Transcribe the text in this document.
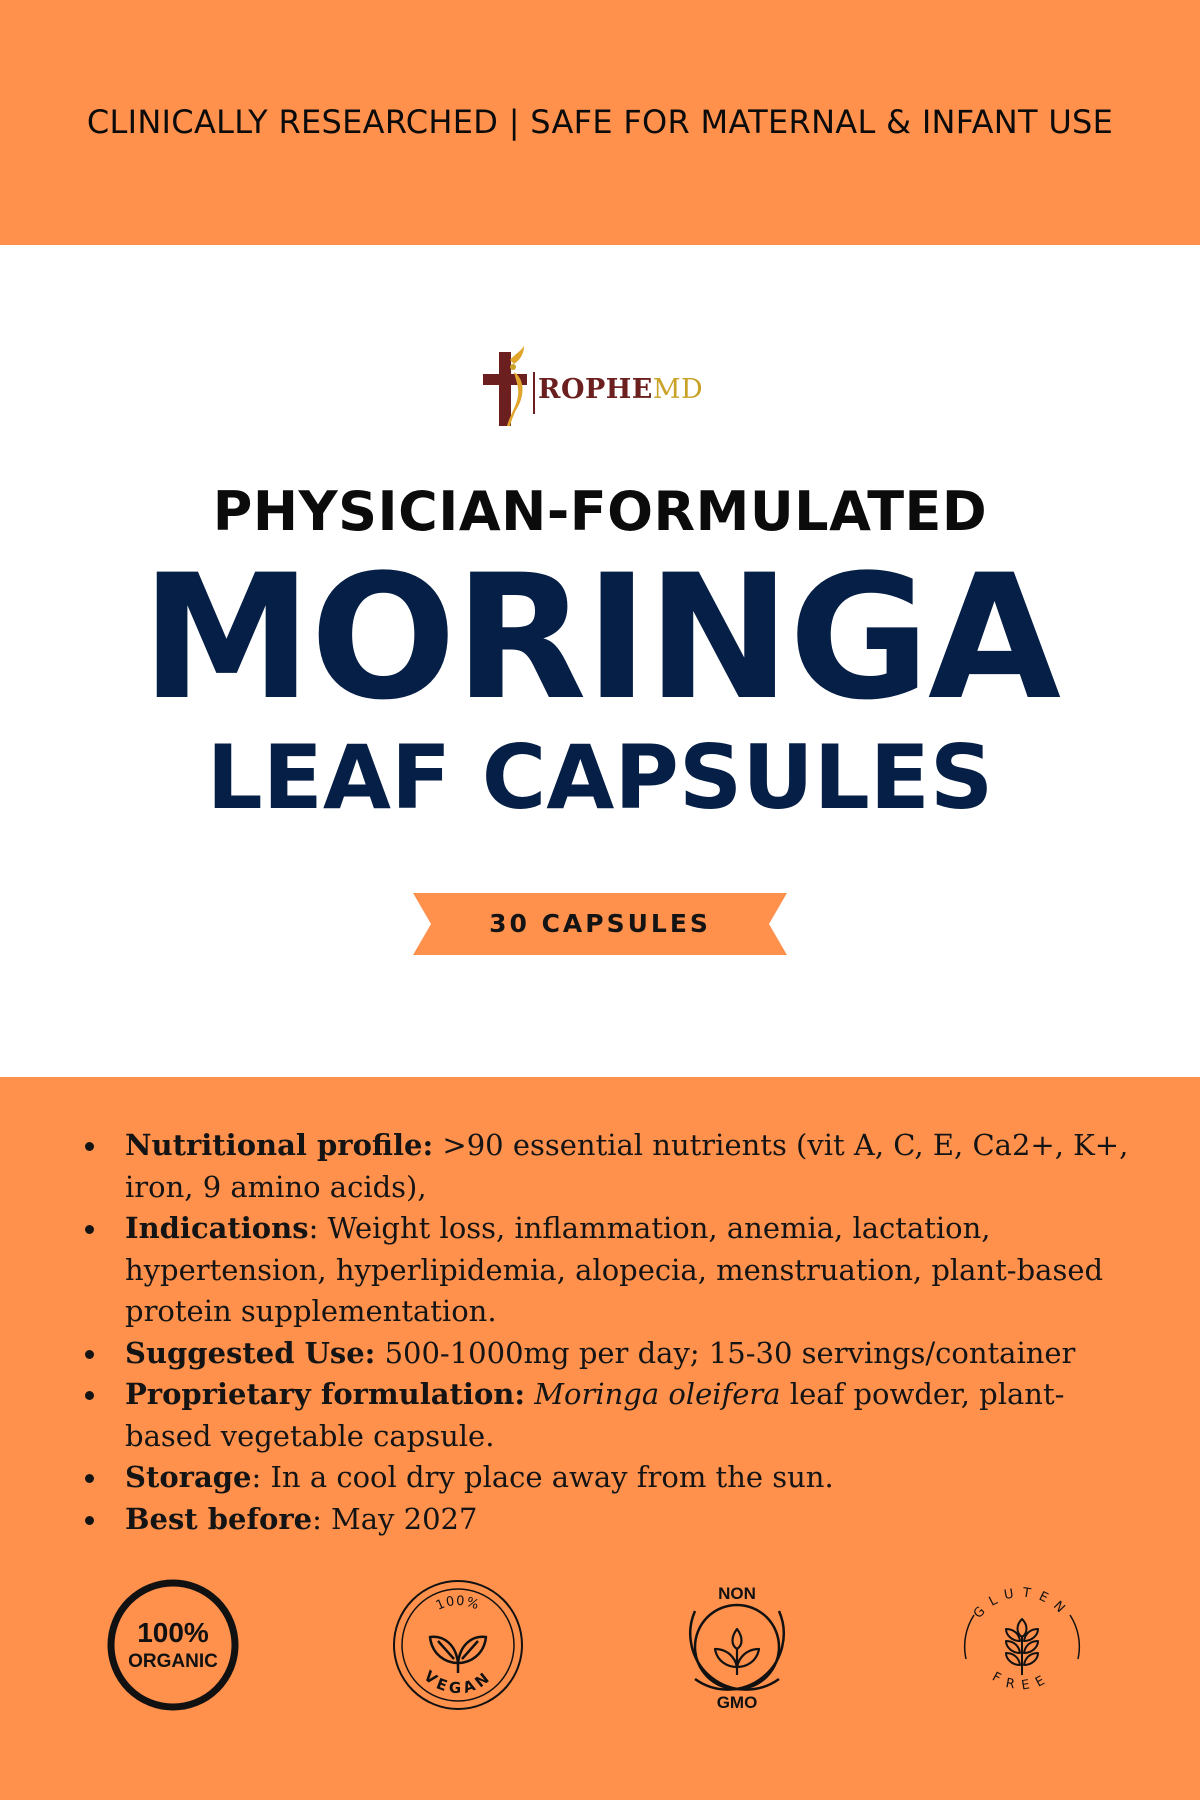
CLINICALLY RESEARCHED | SAFE FOR MATERNAL & INFANT USE
ROPHEMD
PHYSICIAN-FORMULATED
MORINGA
LEAF CAPSULES
30 CAPSULES
Nutritional profile: >90 essential nutrients (vit A, C, E, Ca2+, K+, iron, 9 amino acids),
Indications: Weight loss, inflammation, anemia, lactation, hypertension, hyperlipidemia, alopecia, menstruation, plant-based protein supplementation.
Suggested Use: 500-1000mg per day; 15-30 servings/container
Proprietary formulation: Moringa oleifera leaf powder, plant-based vegetable capsule.
Storage: In a cool dry place away from the sun.
Best before: May 2027
100%
ORGANIC
100%
VEGAN
NON
GMO
GLUTEN
FREE
